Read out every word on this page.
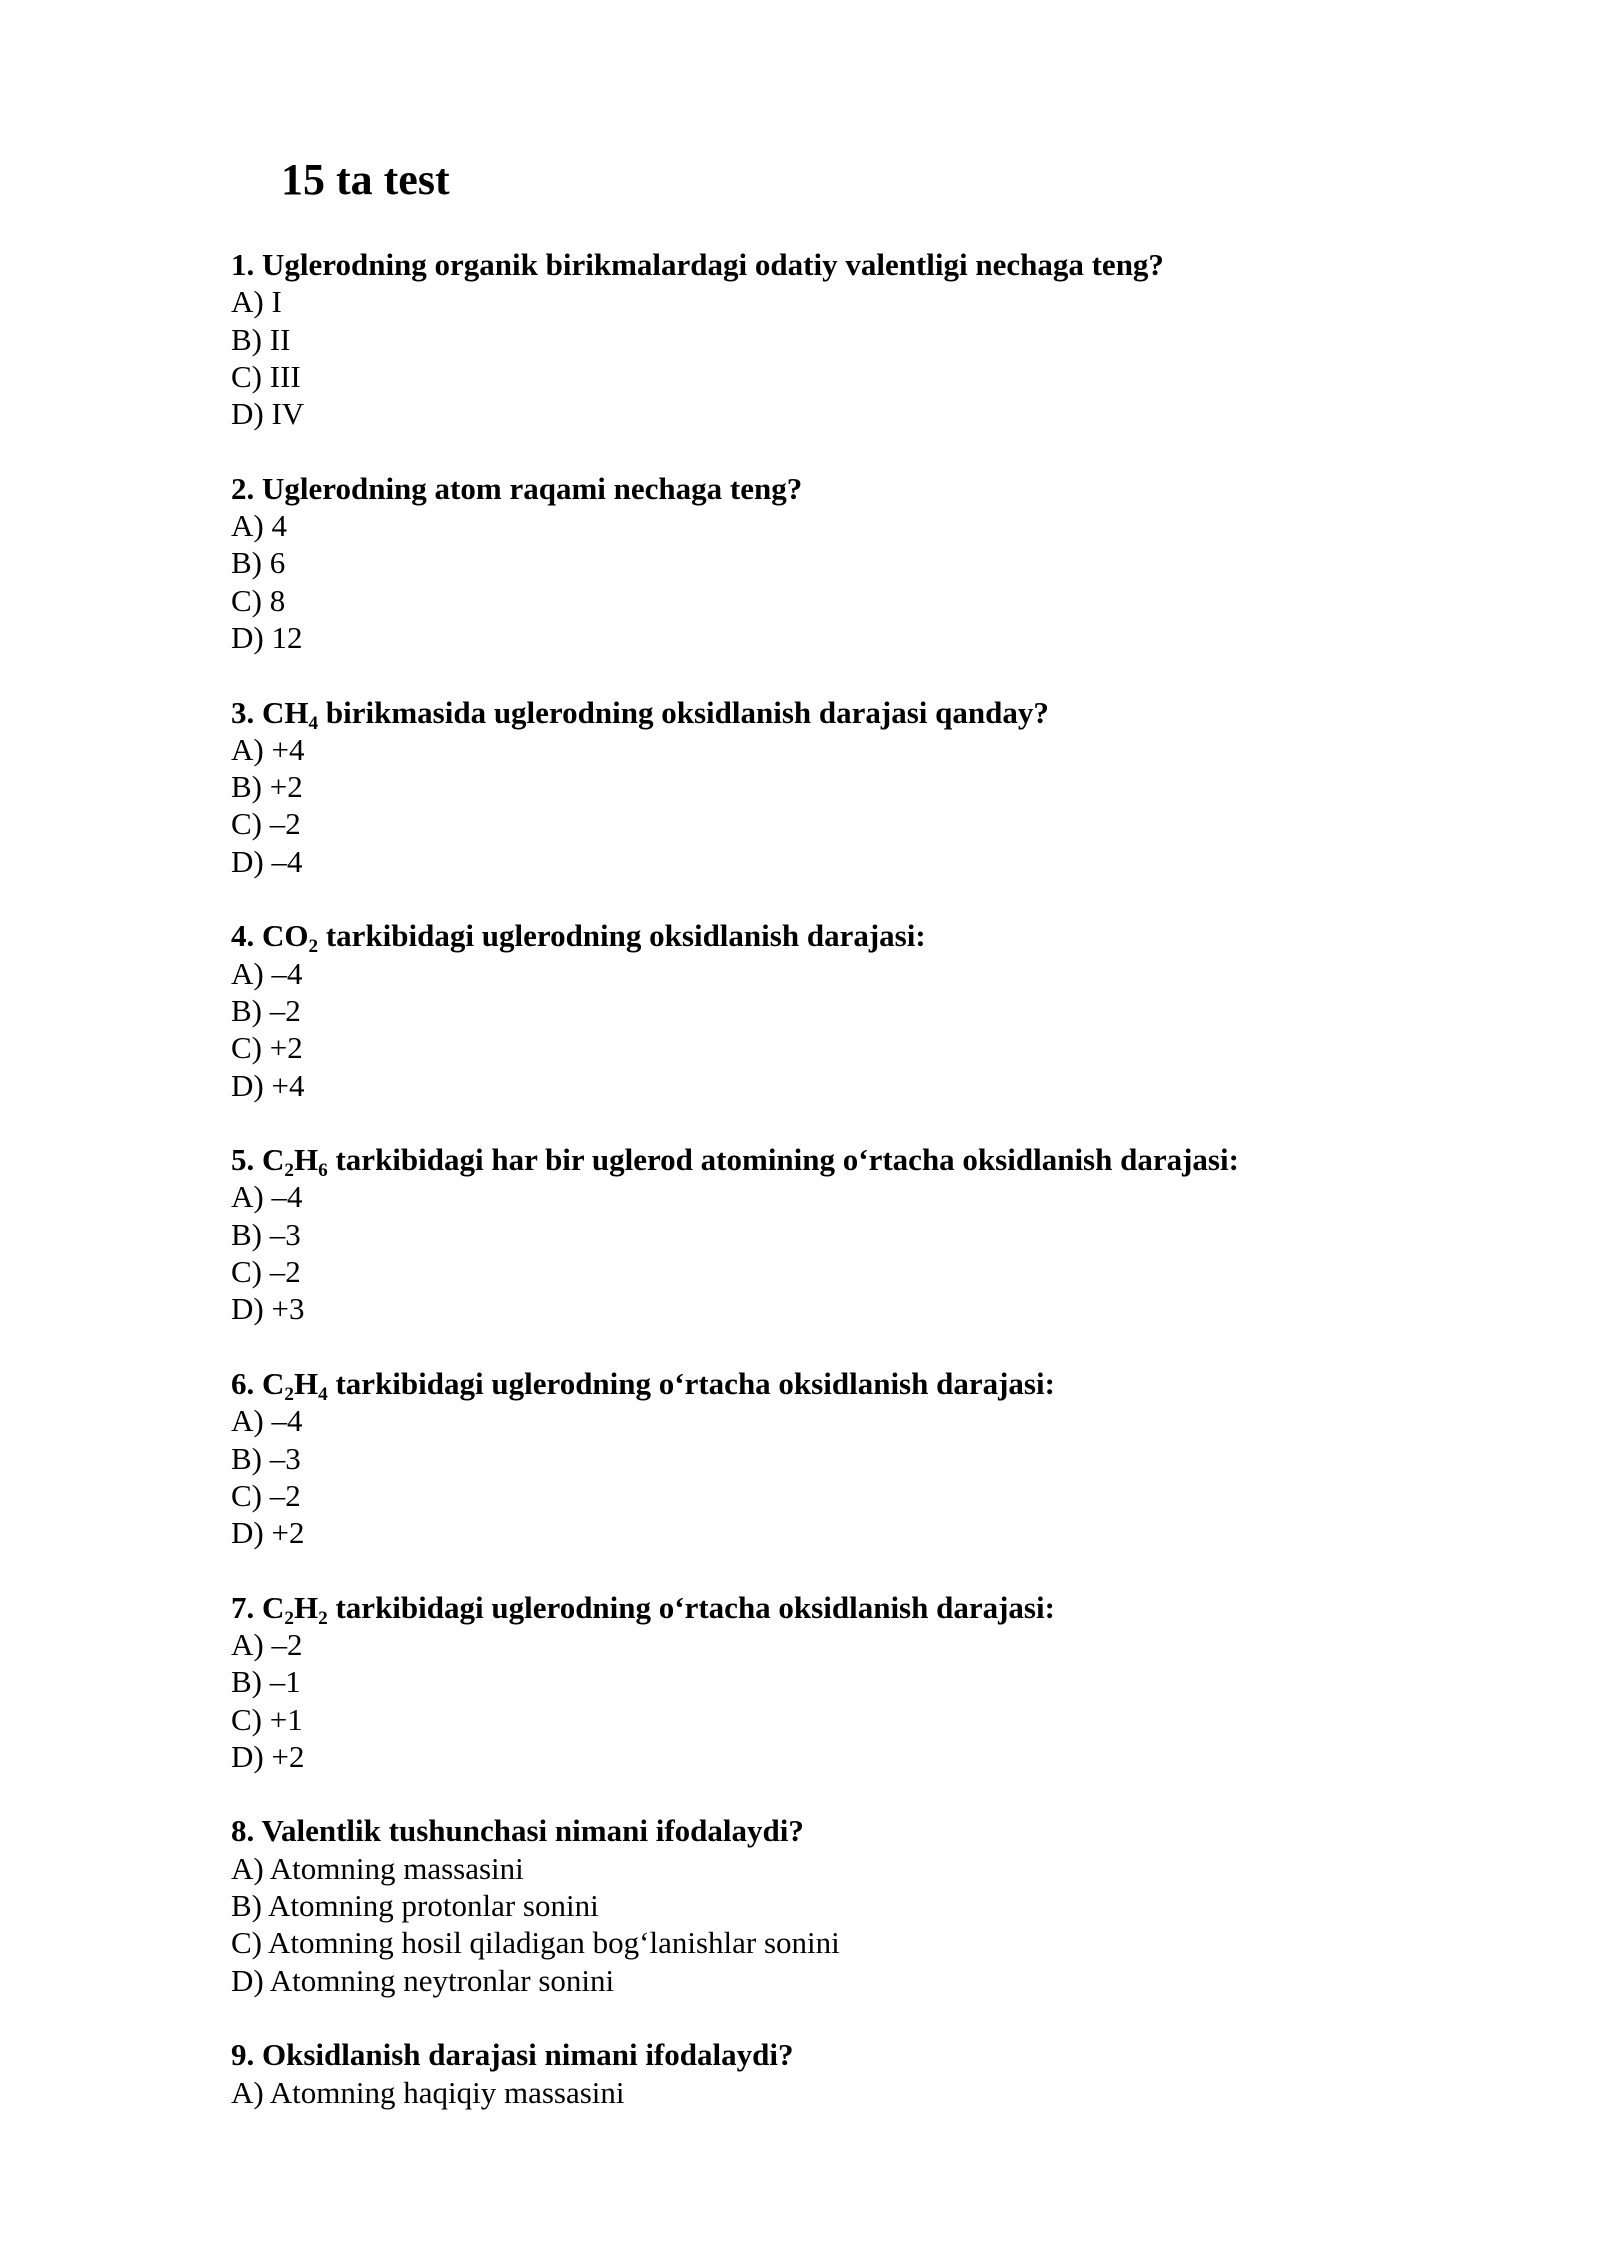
15 ta test
1. Uglerodning organik birikmalardagi odatiy valentligi nechaga teng?
A) I
B) II
C) III
D) IV
2. Uglerodning atom raqami nechaga teng?
A) 4
B) 6
C) 8
D) 12
3. $CH_4$ birikmasida uglerodning oksidlanish darajasi qanday?
A) +4
B) +2
C) –2
D) –4
4. $CO_2$ tarkibidagi uglerodning oksidlanish darajasi:
A) –4
B) –2
C) +2
D) +4
5. $C_2H_6$ tarkibidagi har bir uglerod atomining o‘rtacha oksidlanish darajasi:
A) –4
B) –3
C) –2
D) +3
6. $C_2H_4$ tarkibidagi uglerodning o‘rtacha oksidlanish darajasi:
A) –4
B) –3
C) –2
D) +2
7. $C_2H_2$ tarkibidagi uglerodning o‘rtacha oksidlanish darajasi:
A) –2
B) –1
C) +1
D) +2
8. Valentlik tushunchasi nimani ifodalaydi?
A) Atomning massasini
B) Atomning protonlar sonini
C) Atomning hosil qiladigan bog‘lanishlar sonini
D) Atomning neytronlar sonini
9. Oksidlanish darajasi nimani ifodalaydi?
A) Atomning haqiqiy massasini
